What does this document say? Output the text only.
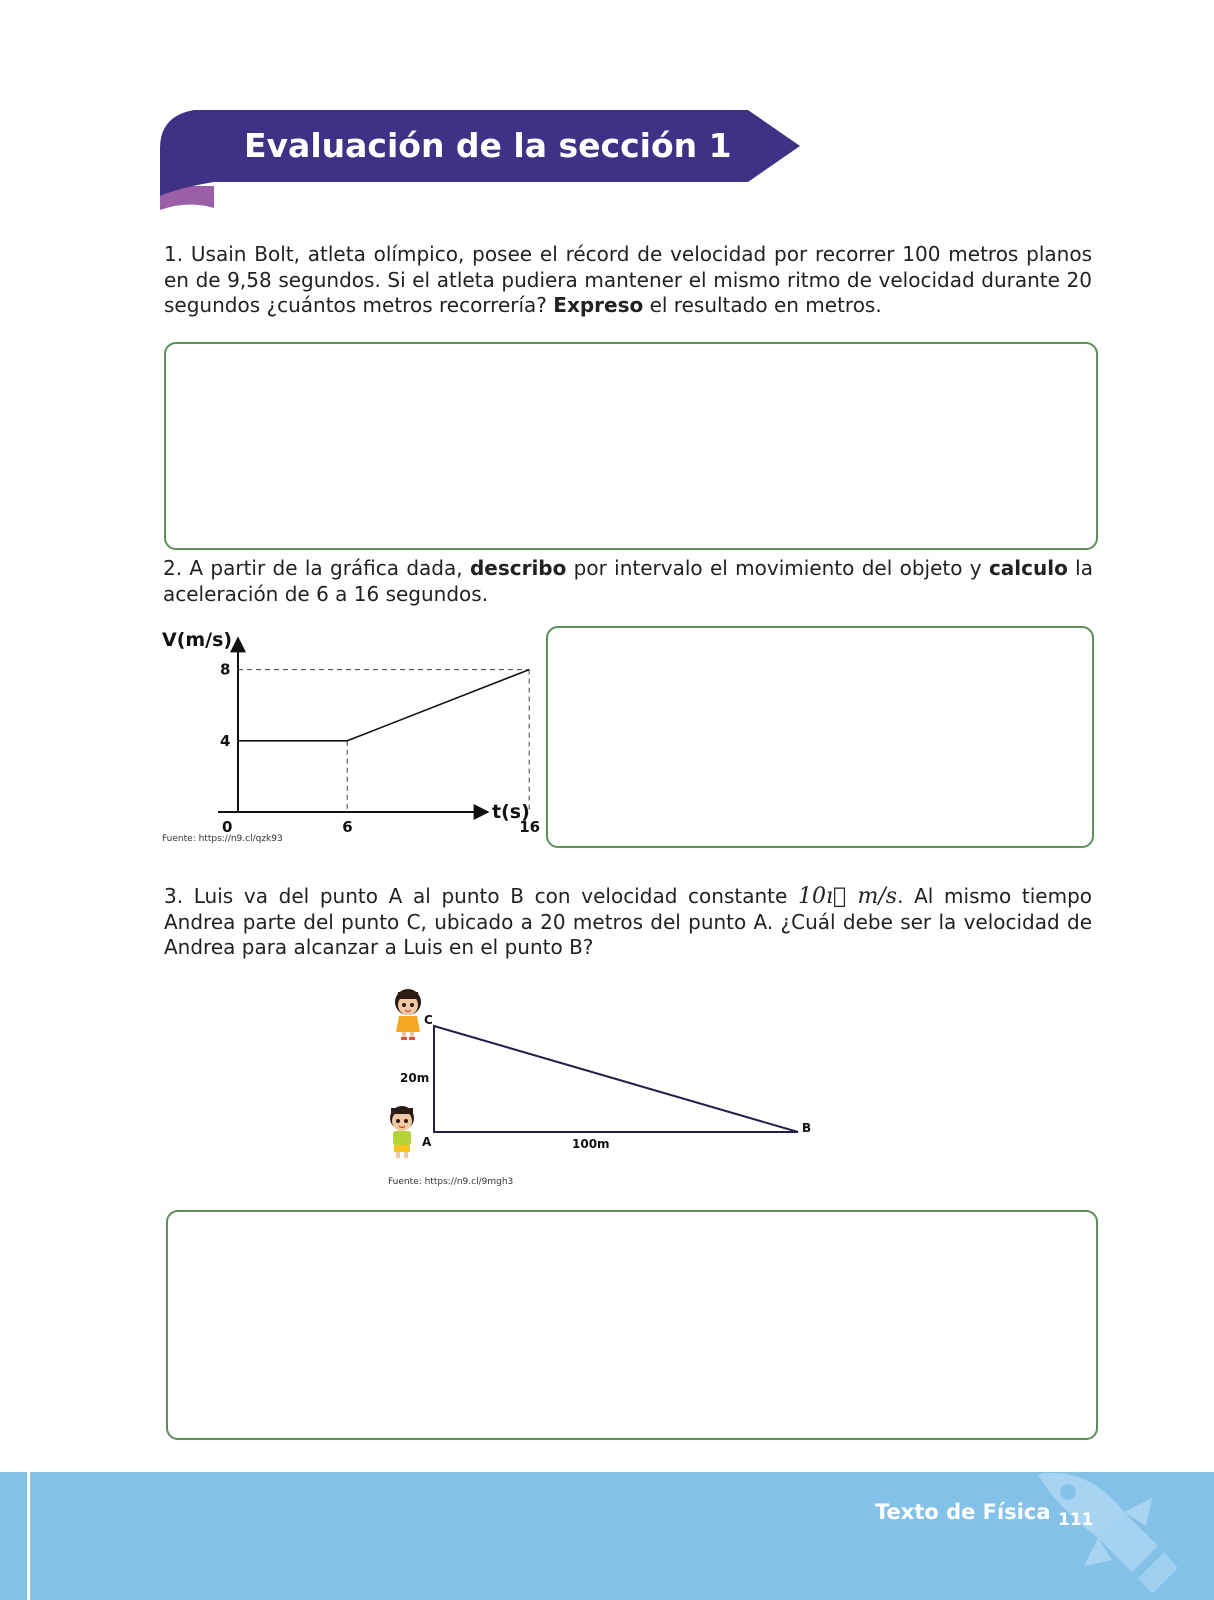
Evaluación de la sección 1

1. Usain Bolt, atleta olímpico, posee el récord de velocidad por recorrer 100 metros planos en de 9,58 segundos. Si el atleta pudiera mantener el mismo ritmo de velocidad durante 20 segundos ¿cuántos metros recorrería? Expreso el resultado en metros.

2. A partir de la gráfica dada, describo por intervalo el movimiento del objeto y calculo la aceleración de 6 a 16 segundos.

V(m/s)
t(s)
0	6	16
4
8
Fuente: https://n9.cl/qzk93

3. Luis va del punto A al punto B con velocidad constante 10ı⃗ m/s. Al mismo tiempo Andrea parte del punto C, ubicado a 20 metros del punto A. ¿Cuál debe ser la velocidad de Andrea para alcanzar a Luis en el punto B?

C
A
B
20m
100m
Fuente: https://n9.cl/9mgh3
Texto de Física 111
